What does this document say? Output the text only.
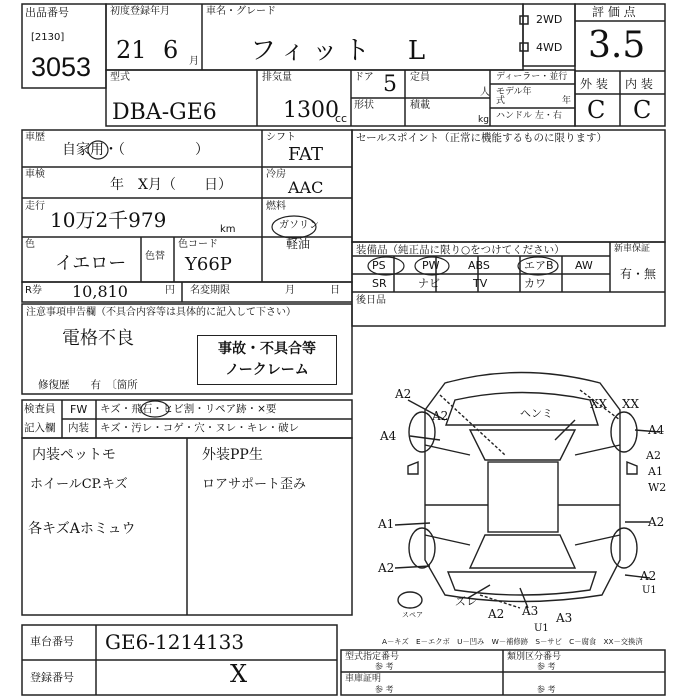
出品番号
[2130]
3053
初度登録年月
21 6 月
車名・グレード
フィット　L
2WD
4WD
評 価 点
3.5
外 装 内 装
C C
型式
DBA-GE6
排気量
1300
cc
ドア 5 定員
人
形状	積載
kg
ディーラー・並行
モデル年式	年
ハンドル 左・右
車歴
自家用・（　　　　　）
シフト
FAT
車検
年　X月（　　日）
冷房
AAC
走行
10万2千979	km
燃料
ガソリン
軽油
色
イエロー 色替
色コード
Y66P
R券 10,810	円 名変期限	月	日
セールスポイント（正常に機能するものに限ります）
装備品（純正品に限り○をつけてください）	新車保証
有・無
PS	PW	ABS	エアB AW
SR	ナビ	TV	カワ
後日品
注意事項申告欄（不具合内容等は具体的に記入して下さい）
電格不良	事故・不具合等
ノークレーム
修復歴　　有　〔箇所
検査員
記入欄
FW キズ・飛石・ヒビ割・リペア跡・×要
内装 キズ・汚レ・コゲ・穴・ヌレ・キレ・破レ
内装ペットモ	外装PP生
ホイールCP.キズ	ロアサポート歪み
各キズAホミュウ
A2
A2
A4	A4
A1
A2
A2
A2
A1
A2
A2
U1
W2
A3 A3
U1
XX XX
ヘンミ
スペア
ズレ
A－キズ　E－エクボ　U－凹み　W－補修跡　S－サビ　C－腐食　XX－交換済
車台番号 GE6-1214133
登録番号	X
型式指定番号
参 考
類別区分番号
参 考
車庫証明
参 考	参 考
